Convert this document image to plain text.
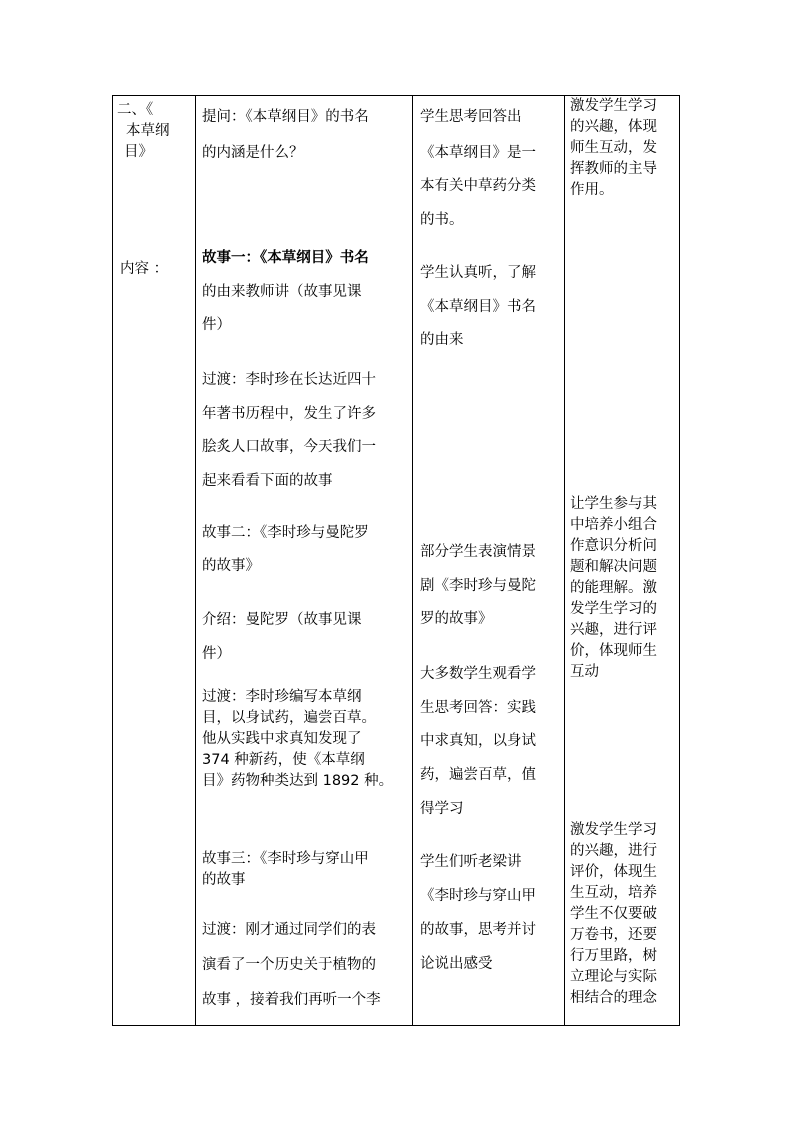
二、《
本草纲
目》
内容 ：
提问：《本草纲目》的书名
的内涵是什么？
故事一：《本草纲目》书名
的由来教师讲（故事见课
件）
过渡：李时珍在长达近四十
年著书历程中，发生了许多
脍炙人口故事，今天我们一
起来看看下面的故事
故事二：《李时珍与曼陀罗
的故事》
介绍：曼陀罗（故事见课
件）
过渡：李时珍编写本草纲
目，以身试药，遍尝百草。
他从实践中求真知发现了
374 种新药，使《本草纲
目》药物种类达到 1892 种。
故事三：《李时珍与穿山甲
的故事
过渡：刚才通过同学们的表
演看了一个历史关于植物的
故事 ，接着我们再听一个李
学生思考回答出
《本草纲目》是一
本有关中草药分类
的书。
学生认真听，了解
《本草纲目》书名
的由来
部分学生表演情景
剧《李时珍与曼陀
罗的故事》
大多数学生观看学
生思考回答：实践
中求真知，以身试
药，遍尝百草，值
得学习
学生们听老梁讲
《李时珍与穿山甲
的故事，思考并讨
论说出感受
激发学生学习
的兴趣，体现
师生互动，发
挥教师的主导
作用。
让学生参与其
中培养小组合
作意识分析问
题和解决问题
的能理解。激
发学生学习的
兴趣，进行评
价，体现师生
互动
激发学生学习
的兴趣，进行
评价，体现生
生互动，培养
学生不仅要破
万卷书，还要
行万里路，树
立理论与实际
相结合的理念
